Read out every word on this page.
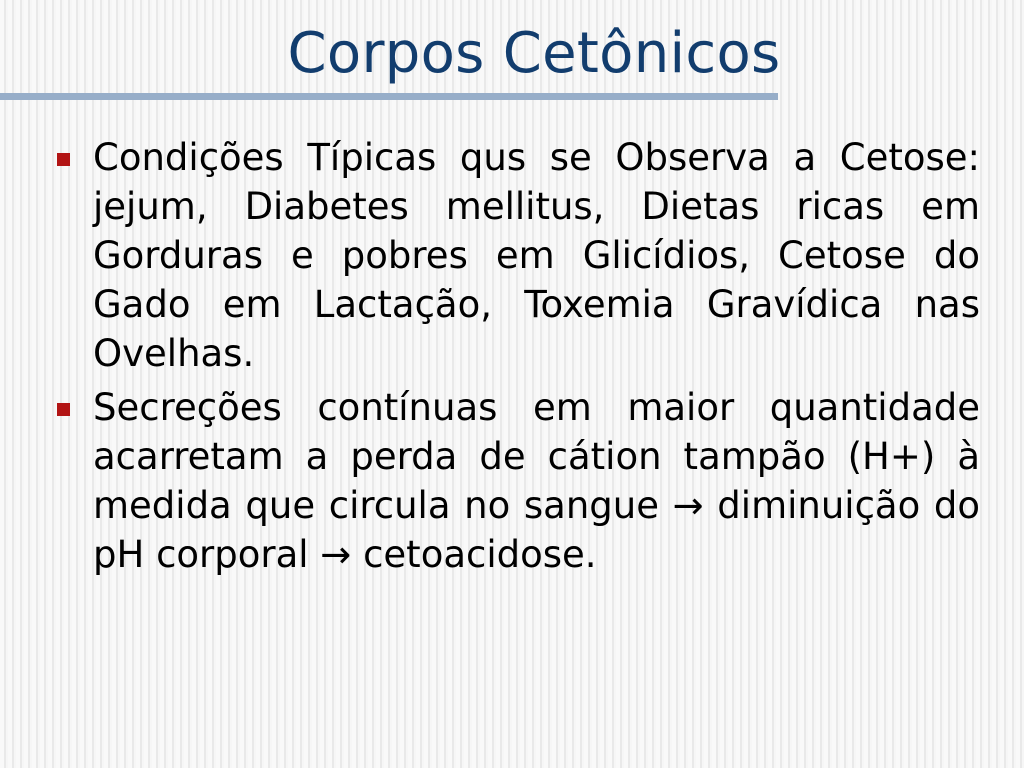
Corpos Cetônicos
Condições Típicas qus se Observa a Cetose: jejum, Diabetes mellitus, Dietas ricas em Gorduras e pobres em Glicídios, Cetose do Gado em Lactação, Toxemia Gravídica nas Ovelhas.
Secreções contínuas em maior quantidade acarretam a perda de cátion tampão (H+) à medida que circula no sangue → diminuição do pH corporal → cetoacidose.
